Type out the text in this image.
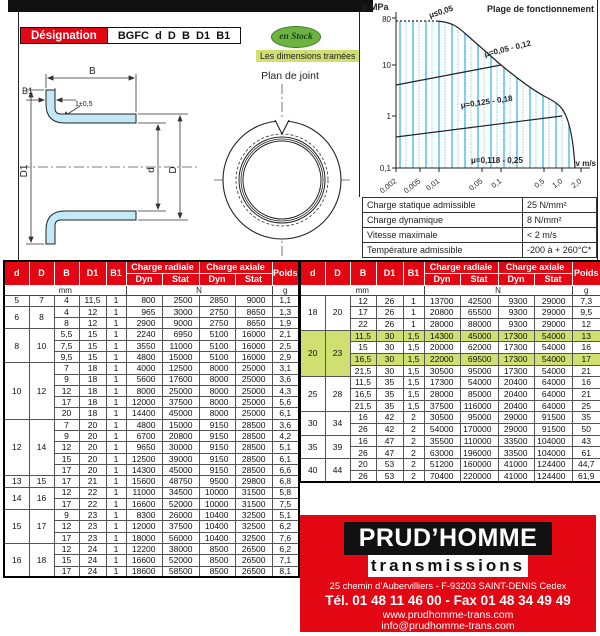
Désignation	BGFC  d  D  B  D1  B1	en Stock
Les dimensions tramées
Plan de joint
B
B1
1±0,5
D1	d D
p MPa	Plage de fonctionnement
80
10
1
0,1
0,002 0,005 0,01	0,05 0,1	0,5 1,0 2,0
v m/s
μ≤0,05
μ=0,05 - 0,12
μ=0,125 - 0,18
μ=0,118 - 0,25
Charge statique admissible	25 N/mm²
Charge dynamique	8 N/mm²
Vitesse maximale	< 2 m/s
Température admissible	-200 à + 260°C*
d	D	B	D1	B1	Charge radiale		Charge axiale		Poids
					Dyn	Stat	Dyn	Stat	
mm					N				g
5	7	4	11,5	1	800	2500	2850	9000	1,1
6	8	4	12	1	965	3000	2750	8650	1,3
		8	12	1	2900	9000	2750	8650	1,9
8	10	5,5	15	1	2240	6950	5100	16000	2,1
		7,5	15	1	3550	11000	5100	16000	2,5
		9,5	15	1	4800	15000	5100	16000	2,9
10	12	7	18	1	4000	12500	8000	25000	3,1
		9	18	1	5600	17600	8000	25000	3,6
		12	18	1	8000	25000	8000	25000	4,3
		17	18	1	12000	37500	8000	25000	5,6
		20	18	1	14400	45000	8000	25000	6,1
12	14	7	20	1	4800	15000	9150	28500	3,6
		9	20	1	6700	20800	9150	28500	4,2
		12	20	1	9650	30000	9150	28500	5,1
		15	20	1	12500	39000	9150	28500	6,1
		17	20	1	14300	45000	9150	28500	6,6
13	15	17	21	1	15600	48750	9500	29800	6,8
14	16	12	22	1	11000	34500	10000	31500	5,8
		17	22	1	16600	52000	10000	31500	7,5
15	17	9	23	1	8300	26000	10400	32500	5,1
		12	23	1	12000	37500	10400	32500	6,2
		17	23	1	18000	56000	10400	32500	7,6
16	18	12	24	1	12200	38000	8500	26500	6,2
		15	24	1	16600	52000	8500	26500	7,1
		17	24	1	18600	58500	8500	26500	8,1
d	D	B	D1	B1	Charge radiale		Charge axiale		Poids
					Dyn	Stat	Dyn	Stat	
mm					N				g
18	20	12	26	1	13700	42500	9300	29000	7,3
		17	26	1	20800	65500	9300	29000	9,5
		22	26	1	28000	88000	9300	29000	12
20	23	11,5	30	1,5	14300	45000	17300	54000	13
		15	30	1,5	20000	62000	17300	54000	16
		16,5	30	1,5	22000	69500	17300	54000	17
		21,5	30	1,5	30500	95000	17300	54000	21
25	28	11,5	35	1,5	17300	54000	20400	64000	16
		16,5	35	1,5	28000	85000	20400	64000	21
		21,5	35	1,5	37500	116000	20400	64000	25
30	34	16	42	2	30500	95000	29000	91500	35
		26	42	2	54000	170000	29000	91500	50
35	39	16	47	2	35500	110000	33500	104000	43
		26	47	2	63000	196000	33500	104000	61
40	44	20	53	2	51200	160000	41000	124400	44,7
		26	53	2	70400	220000	41000	124400	61,9
PRUD’HOMME
transmissions
25 chemin d’Aubervilliers - F-93203 SAINT-DENIS Cedex
Tél. 01 48 11 46 00 - Fax 01 48 34 49 49
www.prudhomme-trans.com
info@prudhomme-trans.com
